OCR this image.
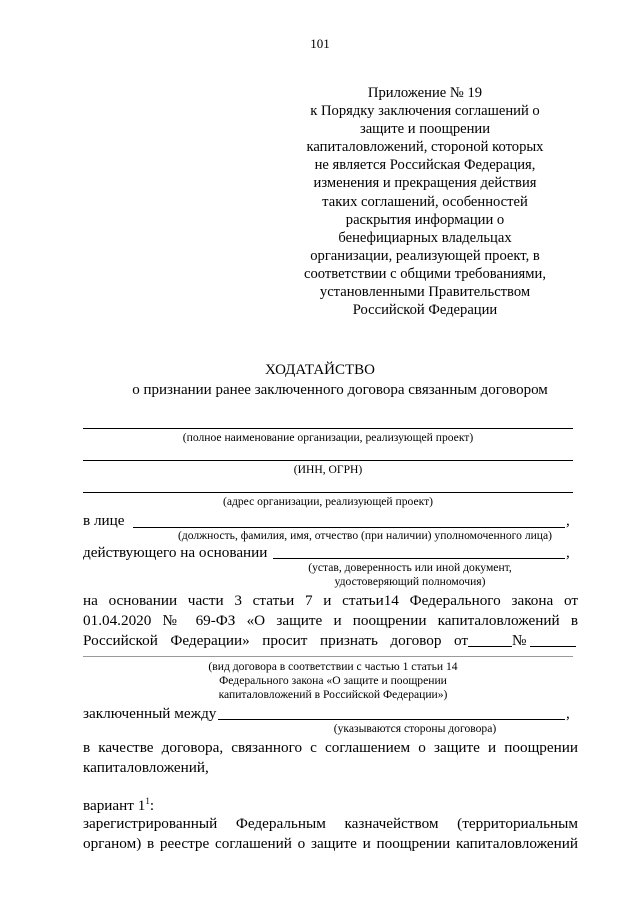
101
Приложение № 19
к Порядку заключения соглашений о
защите и поощрении
капиталовложений, стороной которых
не является Российская Федерация,
изменения и прекращения действия
таких соглашений, особенностей
раскрытия информации о
бенефициарных владельцах
организации, реализующей проект, в
соответствии с общими требованиями,
установленными Правительством
Российской Федерации
ХОДАТАЙСТВО
о признании ранее заключенного договора связанным договором
(полное наименование организации, реализующей проект)
(ИНН, ОГРН)
(адрес организации, реализующей проект)
в лице	,
(должность, фамилия, имя, отчество (при наличии) уполномоченного лица)
действующего на основании	,
(устав, доверенность или иной документ,
удостоверяющий полномочия)
на основании части 3 статьи 7 и статьи14 Федерального закона от
01.04.2020 № 69-ФЗ «О защите и поощрении капиталовложений в
Российской Федерации» просит признать договор от	№
(вид договора в соответствии с частью 1 статьи 14
Федерального закона «О защите и поощрении
капиталовложений в Российской Федерации»)
заключенный между	,
(указываются стороны договора)
в качестве договора, связанного с соглашением о защите и поощрении
капиталовложений,
вариант $1^1$:
зарегистрированный Федеральным казначейством (территориальным
органом) в реестре соглашений о защите и поощрении капиталовложений
